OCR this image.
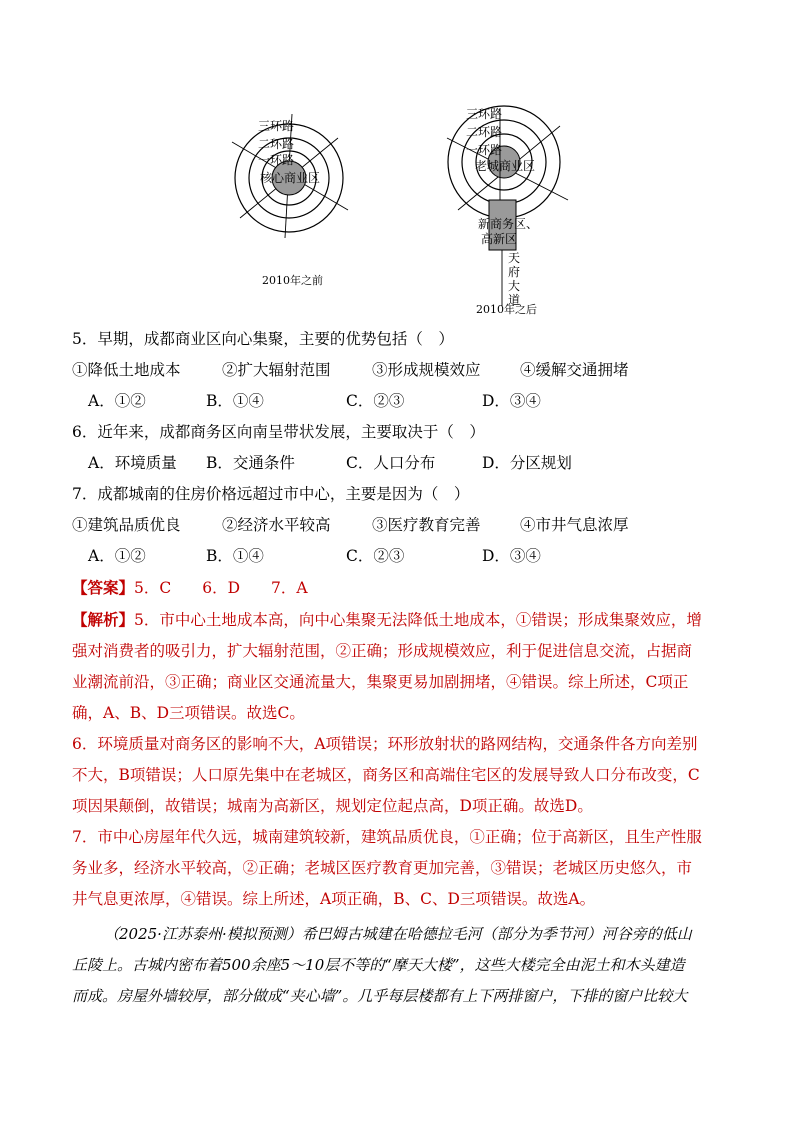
三环路
二环路
一环路
核心商业区
2010年之前
三环路
二环路
一环路
老城商业区
新商务区、
高新区
天
府
大
道
2010年之后
5．早期，成都商业区向心集聚，主要的优势包括（　）
①降低土地成本	②扩大辐射范围	③形成规模效应	④缓解交通拥堵
A．①②	B．①④	C．②③	D．③④
6．近年来，成都商务区向南呈带状发展，主要取决于（　）
A．环境质量 B．交通条件	C．人口分布	D．分区规划
7．成都城南的住房价格远超过市中心，主要是因为（　）
①建筑品质优良	②经济水平较高	③医疗教育完善	④市井气息浓厚
A．①②	B．①④	C．②③	D．③④
【答案】5．C　　6．D　　7．A
【解析】5．市中心土地成本高，向中心集聚无法降低土地成本，①错误；形成集聚效应，增
强对消费者的吸引力，扩大辐射范围，②正确；形成规模效应，利于促进信息交流，占据商
业潮流前沿，③正确；商业区交通流量大，集聚更易加剧拥堵，④错误。综上所述，C项正
确，A、B、D三项错误。故选C。
6．环境质量对商务区的影响不大，A项错误；环形放射状的路网结构，交通条件各方向差别
不大，B项错误；人口原先集中在老城区，商务区和高端住宅区的发展导致人口分布改变，C
项因果颠倒，故错误；城南为高新区，规划定位起点高，D项正确。故选D。
7．市中心房屋年代久远，城南建筑较新，建筑品质优良，①正确；位于高新区，且生产性服
务业多，经济水平较高，②正确；老城区医疗教育更加完善，③错误；老城区历史悠久，市
井气息更浓厚，④错误。综上所述，A项正确，B、C、D三项错误。故选A。
（2025·江苏泰州·模拟预测）希巴姆古城建在哈德拉毛河（部分为季节河）河谷旁的低山
丘陵上。古城内密布着500余座5～10层不等的“摩天大楼”，这些大楼完全由泥土和木头建造
而成。房屋外墙较厚，部分做成“夹心墙”。几乎每层楼都有上下两排窗户，下排的窗户比较大
